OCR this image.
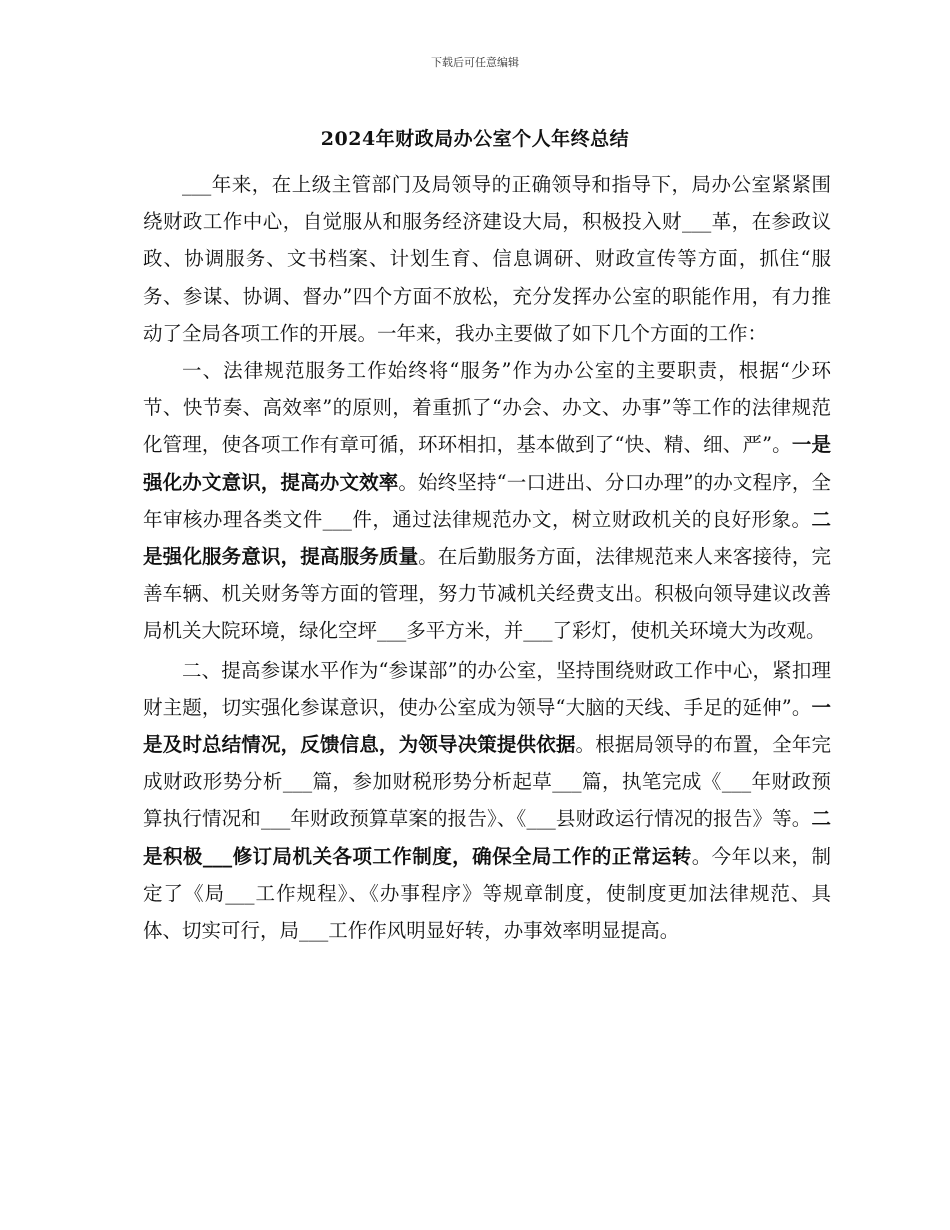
下载后可任意编辑
2024年财政局办公室个人年终总结

___年来，在上级主管部门及局领导的正确领导和指导下，局办公室紧紧围绕财政工作中心，自觉服从和服务经济建设大局，积极投入财___革，在参政议政、协调服务、文书档案、计划生育、信息调研、财政宣传等方面，抓住“服务、参谋、协调、督办”四个方面不放松，充分发挥办公室的职能作用，有力推动了全局各项工作的开展。一年来，我办主要做了如下几个方面的工作：

一、法律规范服务工作始终将“服务”作为办公室的主要职责，根据“少环节、快节奏、高效率”的原则，着重抓了“办会、办文、办事”等工作的法律规范化管理，使各项工作有章可循，环环相扣，基本做到了“快、精、细、严”。一是强化办文意识，提高办文效率。始终坚持“一口进出、分口办理”的办文程序，全年审核办理各类文件___件，通过法律规范办文，树立财政机关的良好形象。二是强化服务意识，提高服务质量。在后勤服务方面，法律规范来人来客接待，完善车辆、机关财务等方面的管理，努力节减机关经费支出。积极向领导建议改善局机关大院环境，绿化空坪___多平方米，并___了彩灯，使机关环境大为改观。

二、提高参谋水平作为“参谋部”的办公室，坚持围绕财政工作中心，紧扣理财主题，切实强化参谋意识，使办公室成为领导“大脑的天线、手足的延伸”。一是及时总结情况，反馈信息，为领导决策提供依据。根据局领导的布置，全年完成财政形势分析___篇，参加财税形势分析起草___篇，执笔完成《___年财政预算执行情况和___年财政预算草案的报告》、《___县财政运行情况的报告》等。二是积极___修订局机关各项工作制度，确保全局工作的正常运转。今年以来，制定了《局___工作规程》、《办事程序》等规章制度，使制度更加法律规范、具体、切实可行，局___工作作风明显好转，办事效率明显提高。
